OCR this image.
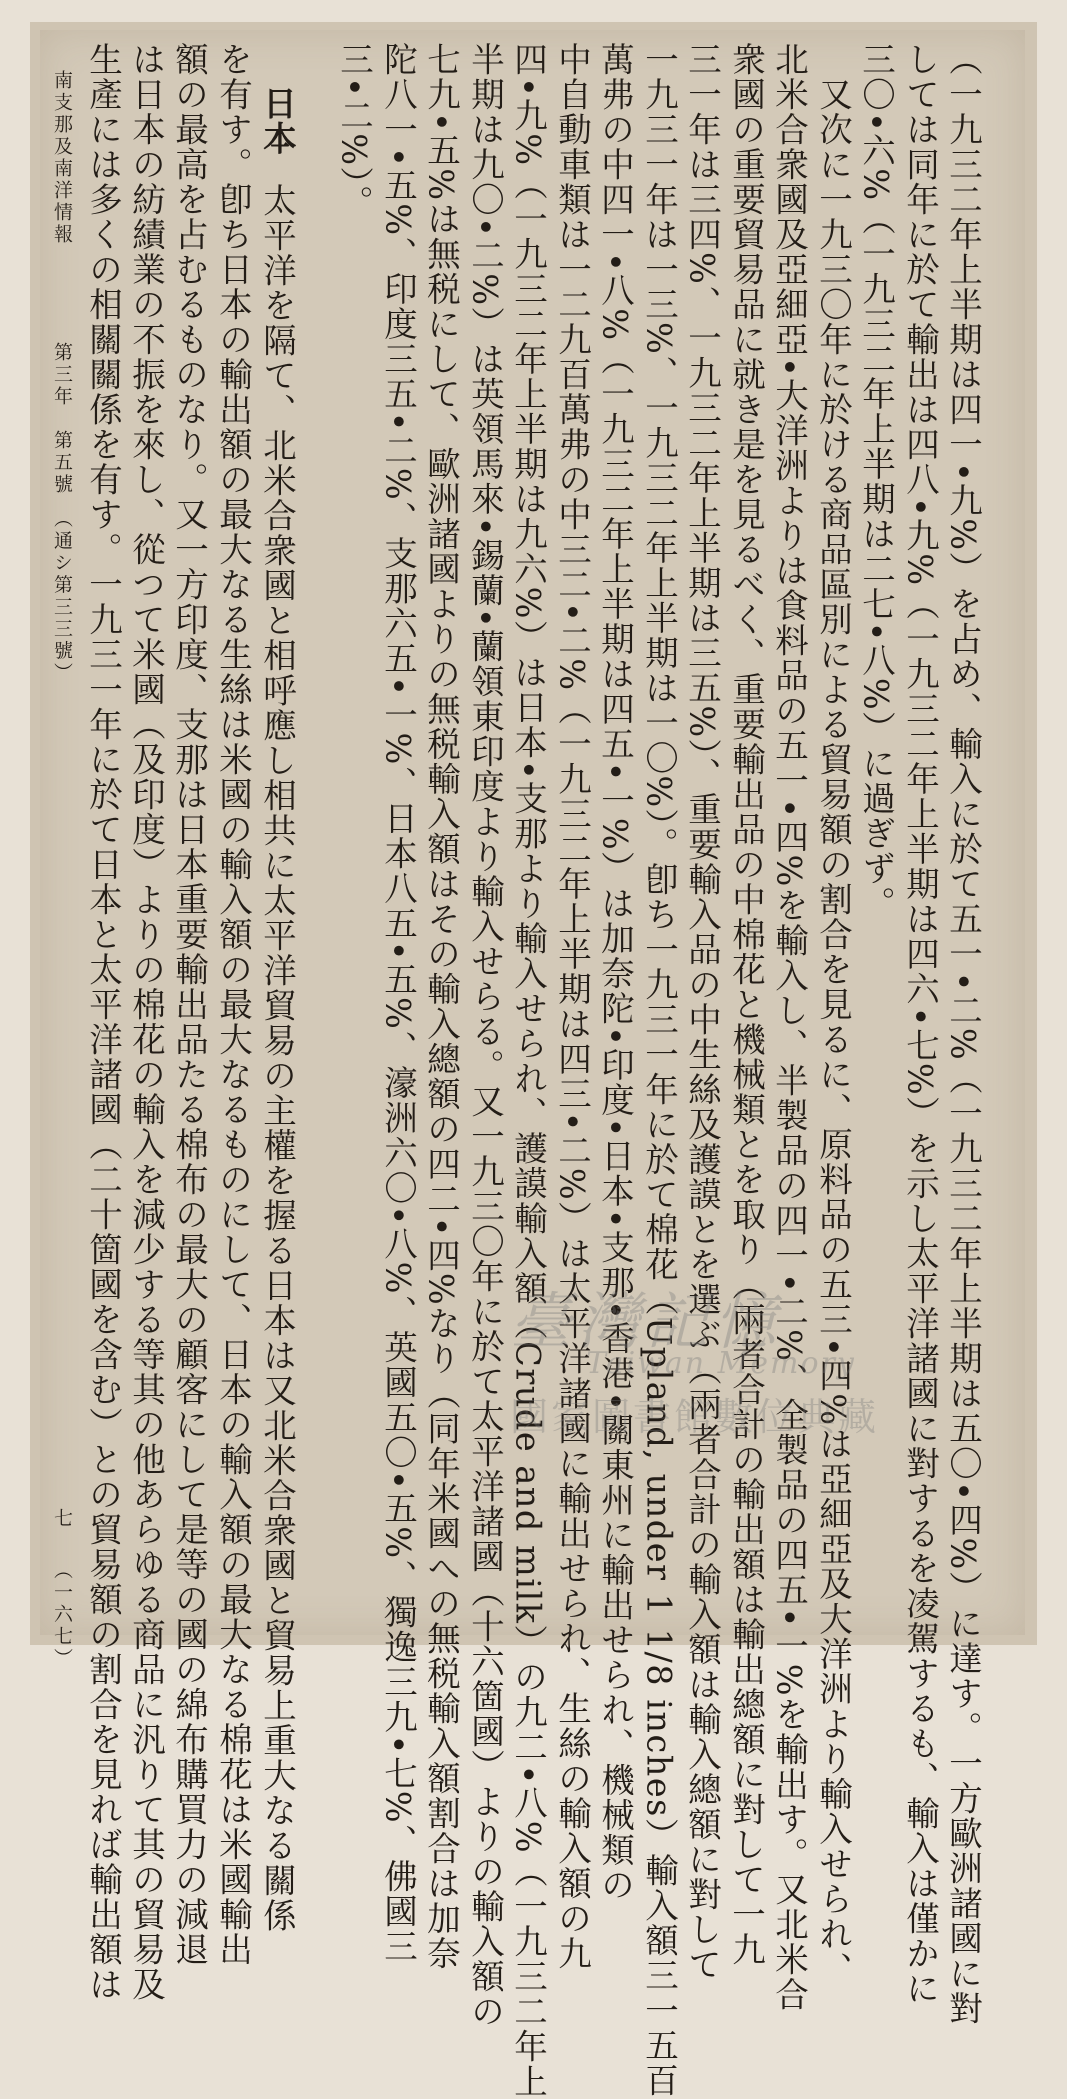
（一九三二年上半期は四一•九%）を占め、輸入に於て五一•二%（一九三二年上半期は五〇•四%）に達す。一方歐洲諸國に對
しては同年に於て輸出は四八•九%（一九三二年上半期は四六•七%）を示し太平洋諸國に對するを凌駕するも、輸入は僅かに
三〇•六%（一九三二年上半期は二七•八%）に過ぎず。
　又次に一九三〇年に於ける商品區別による貿易額の割合を見るに、原料品の五三•四%は亞細亞及大洋洲より輸入せられ、
北米合衆國及亞細亞•大洋洲よりは食料品の五一•四%を輸入し、半製品の四一•二%、全製品の四五•一%を輸出す。又北米合
衆國の重要貿易品に就き是を見るべく、重要輸出品の中棉花と機械類とを取り（兩者合計の輸出額は輸出總額に對して一九
三一年は三四%、一九三二年上半期は三五%）、重要輸入品の中生絲及護謨とを選ぶ（兩者合計の輸入額は輸入總額に對して
一九三一年は一三%、一九三二年上半期は一〇%）。卽ち一九三一年に於て棉花（Upland, under 1 1/8 inches）輸入額三一五百
萬弗の中四一•八%（一九三二年上半期は四五•一%）は加奈陀•印度•日本•支那•香港•關東州に輸出せられ、機械類の
中自動車類は一二九百萬弗の中三二•二%（一九三二年上半期は四三•二%）は太平洋諸國に輸出せられ、生絲の輸入額の九
四•九%（一九三二年上半期は九六%）は日本•支那より輸入せられ、護謨輸入額（Crude and milk）の九二•八%（一九三二年上
半期は九〇•二%）は英領馬來•錫蘭•蘭領東印度より輸入せらる。又一九三〇年に於て太平洋諸國（十六箇國）よりの輸入額の
七九•五%は無税にして、歐洲諸國よりの無税輸入額はその輸入總額の四二•四%なり（同年米國への無税輸入額割合は加奈
陀八一•五%、印度三五•二%、支那六五•一%、日本八五•五%、濠洲六〇•八%、英國五〇•五%、獨逸三九•七%、佛國三
三•二%）。
日本
　太平洋を隔て、北米合衆國と相呼應し相共に太平洋貿易の主權を握る日本は又北米合衆國と貿易上重大なる關係
を有す。卽ち日本の輸出額の最大なる生絲は米國の輸入額の最大なるものにして、日本の輸入額の最大なる棉花は米國輸出
額の最高を占むるものなり。又一方印度、支那は日本重要輸出品たる棉布の最大の顧客にして是等の國の綿布購買力の減退
は日本の紡績業の不振を來し、從つて米國（及印度）よりの棉花の輸入を減少する等其の他あらゆる商品に汎りて其の貿易及
生產には多くの相關關係を有す。一九三一年に於て日本と太平洋諸國（二十箇國を含む）との貿易額の割合を見れば輸出額は
南支那及南洋情報
第三年　第五號　（通シ第三三號）
七
（一六七）
臺灣記憶
Taiwan Memory
國家圖書館數位典藏
